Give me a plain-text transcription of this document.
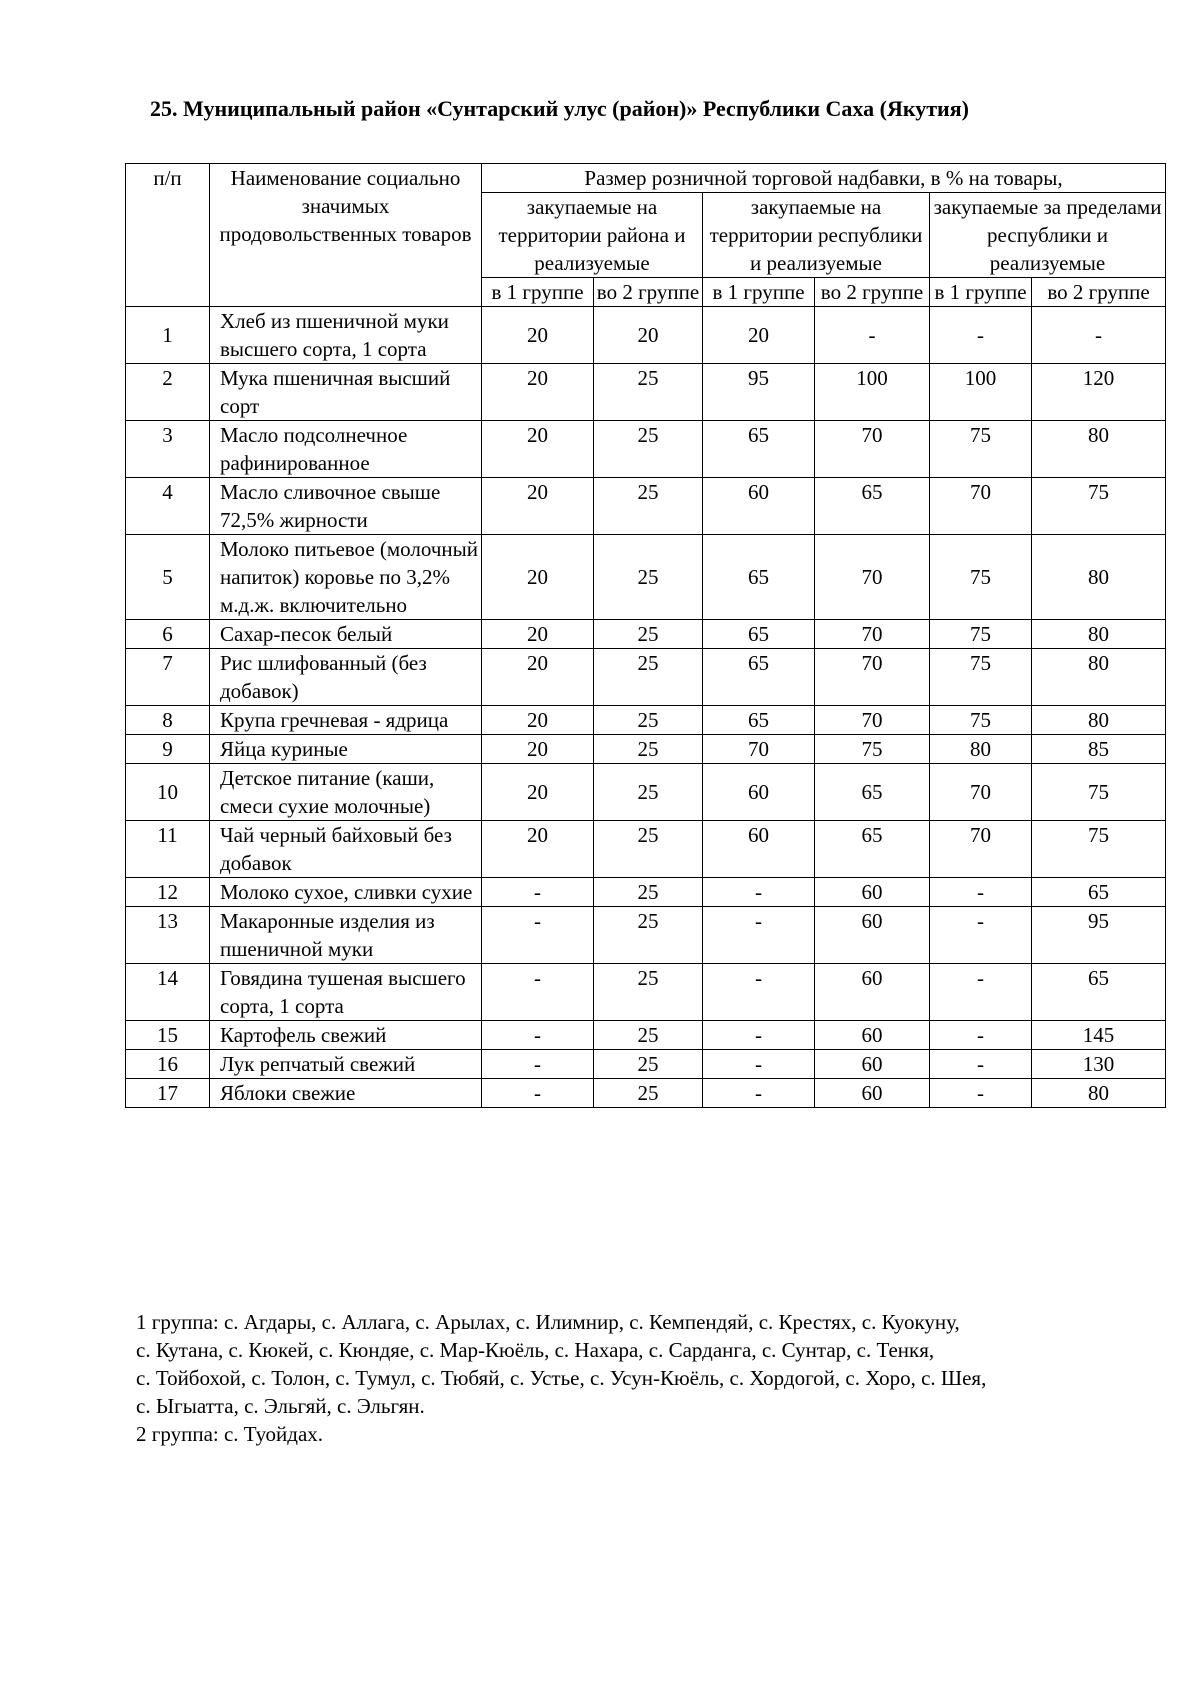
25. Муниципальный район «Сунтарский улус (район)» Республики Саха (Якутия)
п/п	Наименование социально значимых продовольственных товаров	Размер розничной торговой надбавки, в % на товары,					
		закупаемые на территории района и реализуемые		закупаемые на территории республики и реализуемые		закупаемые за пределами республики и реализуемые	
		в 1 группе	во 2 группе	в 1 группе	во 2 группе	в 1 группе	во 2 группе
1	Хлеб из пшеничной муки высшего сорта, 1 сорта	20	20	20	-	-	-
2	Мука пшеничная высший сорт	20	25	95	100	100	120
3	Масло подсолнечное рафинированное	20	25	65	70	75	80
4	Масло сливочное свыше 72,5% жирности	20	25	60	65	70	75
5	Молоко питьевое (молочный напиток) коровье по 3,2% м.д.ж. включительно	20	25	65	70	75	80
6	Сахар-песок белый	20	25	65	70	75	80
7	Рис шлифованный (без добавок)	20	25	65	70	75	80
8	Крупа гречневая - ядрица	20	25	65	70	75	80
9	Яйца куриные	20	25	70	75	80	85
10	Детское питание (каши, смеси сухие молочные)	20	25	60	65	70	75
11	Чай черный байховый без добавок	20	25	60	65	70	75
12	Молоко сухое, сливки сухие	-	25	-	60	-	65
13	Макаронные изделия из пшеничной муки	-	25	-	60	-	95
14	Говядина тушеная высшего сорта, 1 сорта	-	25	-	60	-	65
15	Картофель свежий	-	25	-	60	-	145
16	Лук репчатый свежий	-	25	-	60	-	130
17	Яблоки свежие	-	25	-	60	-	80
1 группа: с. Агдары, с. Аллага, с. Арылах, с. Илимнир, с. Кемпендяй, с. Крестях, с. Куокуну,
с. Кутана, с. Кюкей, с. Кюндяе, с. Мар-Кюёль, с. Нахара, с. Сарданга, с. Сунтар, с. Тенкя,
с. Тойбохой, с. Толон, с. Тумул, с. Тюбяй, с. Устье, с. Усун-Кюёль, с. Хордогой, с. Хоро, с. Шея,
с. Ыгыатта, с. Эльгяй, с. Эльгян.
2 группа: с. Туойдах.
